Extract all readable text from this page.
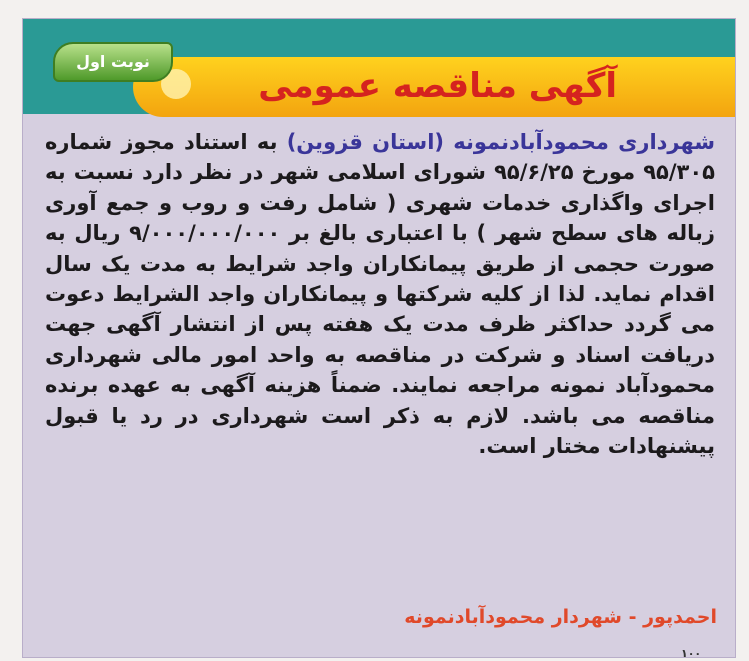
آگهی مناقصه عمومی
نوبت اول
شهرداری محمودآبادنمونه (استان قزوین) به استناد مجوز شماره ۹۵/۳۰۵ مورخ ۹۵/۶/۲۵ شورای اسلامی شهر در نظر دارد نسبت به اجرای واگذاری خدمات شهری ( شامل رفت و روب و جمع آوری زباله های سطح شهر ) با اعتباری بالغ بر ۹/۰۰۰/۰۰۰/۰۰۰ ریال به صورت حجمی از طریق پیمانکاران واجد شرایط به مدت یک سال اقدام نماید. لذا از کلیه شرکتها و پیمانکاران واجد الشرایط دعوت می گردد حداکثر ظرف مدت یک هفته پس از انتشار آگهی جهت دریافت اسناد و شرکت در مناقصه به واحد امور مالی شهرداری محمودآباد نمونه مراجعه نمایند. ضمناً هزینه آگهی به عهده برنده مناقصه می باشد. لازم به ذکر است شهرداری در رد یا قبول پیشنهادات مختار است.
احمدپور - شهردار محمودآبادنمونه
۱۰۰
